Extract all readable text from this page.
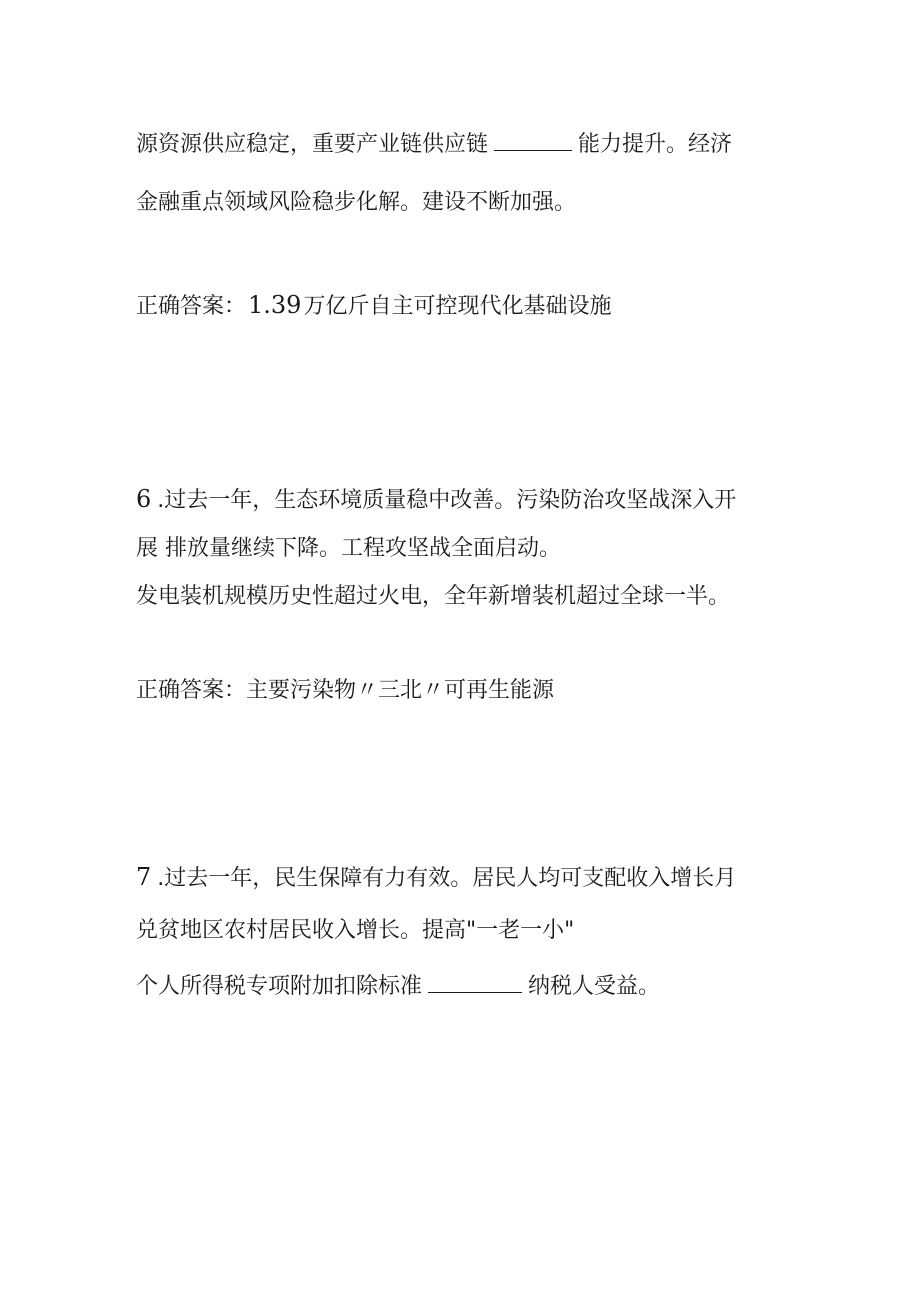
源资源供应稳定，重要产业链供应链	能力提升。经济
金融重点领域风险稳步化解。建设不断加强。
正确答案：1.39万亿斤自主可控现代化基础设施
6 .过去一年，生态环境质量稳中改善。污染防治攻坚战深入开
展 排放量继续下降。工程攻坚战全面启动。
发电装机规模历史性超过火电，全年新增装机超过全球一半。
正确答案：主要污染物〃三北〃可再生能源
7 .过去一年，民生保障有力有效。居民人均可支配收入增长月
兑贫地区农村居民收入增长。提高"一老一小"
个人所得税专项附加扣除标准	纳税人受益。
